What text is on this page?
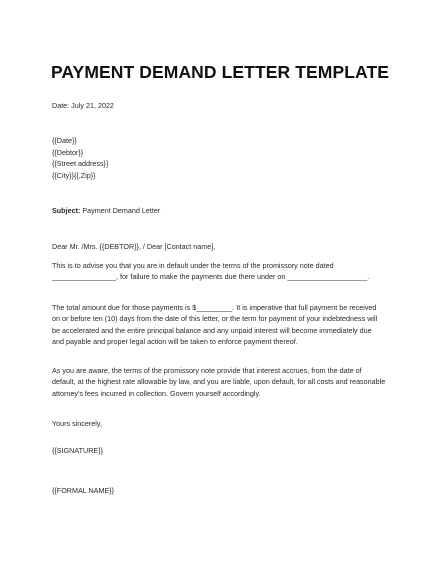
PAYMENT DEMAND LETTER TEMPLATE
Date: July 21, 2022
{{Date}}
{{Debtor}}
{{Street address}}
{{City}}{{,Zip}}
Subject: Payment Demand Letter
Dear Mr. /Mrs. {{DEBTOR}}, / Dear [Contact name],
This is to advise you that you are in default under the terms of the promissory note dated
________________, for failure to make the payments due there under on ____________________.
The total amount due for those payments is $_________. It is imperative that full payment be received
on or before ten (10) days from the date of this letter, or the term for payment of your indebtedness will
be accelerated and the entire principal balance and any unpaid interest will become immediately due
and payable and proper legal action will be taken to enforce payment thereof.
As you are aware, the terms of the promissory note provide that interest accrues, from the date of
default, at the highest rate allowable by law, and you are liable, upon default, for all costs and reasonable
attorney's fees incurred in collection. Govern yourself accordingly.
Yours sincerely,
{{SIGNATURE}}
{{FORMAL NAME}}
